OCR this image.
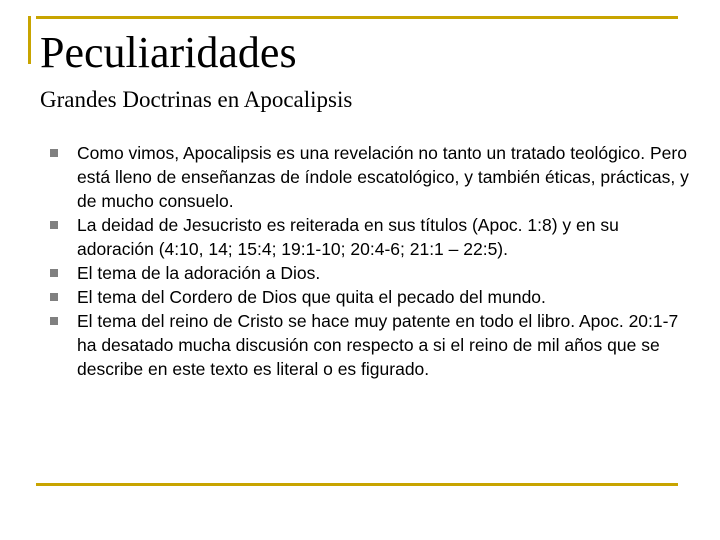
Peculiaridades
Grandes Doctrinas en Apocalipsis
Como vimos, Apocalipsis es una revelación no tanto un tratado teológico. Pero está lleno de enseñanzas de índole escatológico, y también éticas, prácticas, y de mucho consuelo.
La deidad de Jesucristo es reiterada en sus títulos (Apoc. 1:8) y en su adoración (4:10, 14; 15:4; 19:1-10; 20:4-6; 21:1 – 22:5).
El tema de la adoración a Dios.
El tema del Cordero de Dios que quita el pecado del mundo.
El tema del reino de Cristo se hace muy patente en todo el libro. Apoc. 20:1-7 ha desatado mucha discusión con respecto a si el reino de mil años que se describe en este texto es literal o es figurado.
